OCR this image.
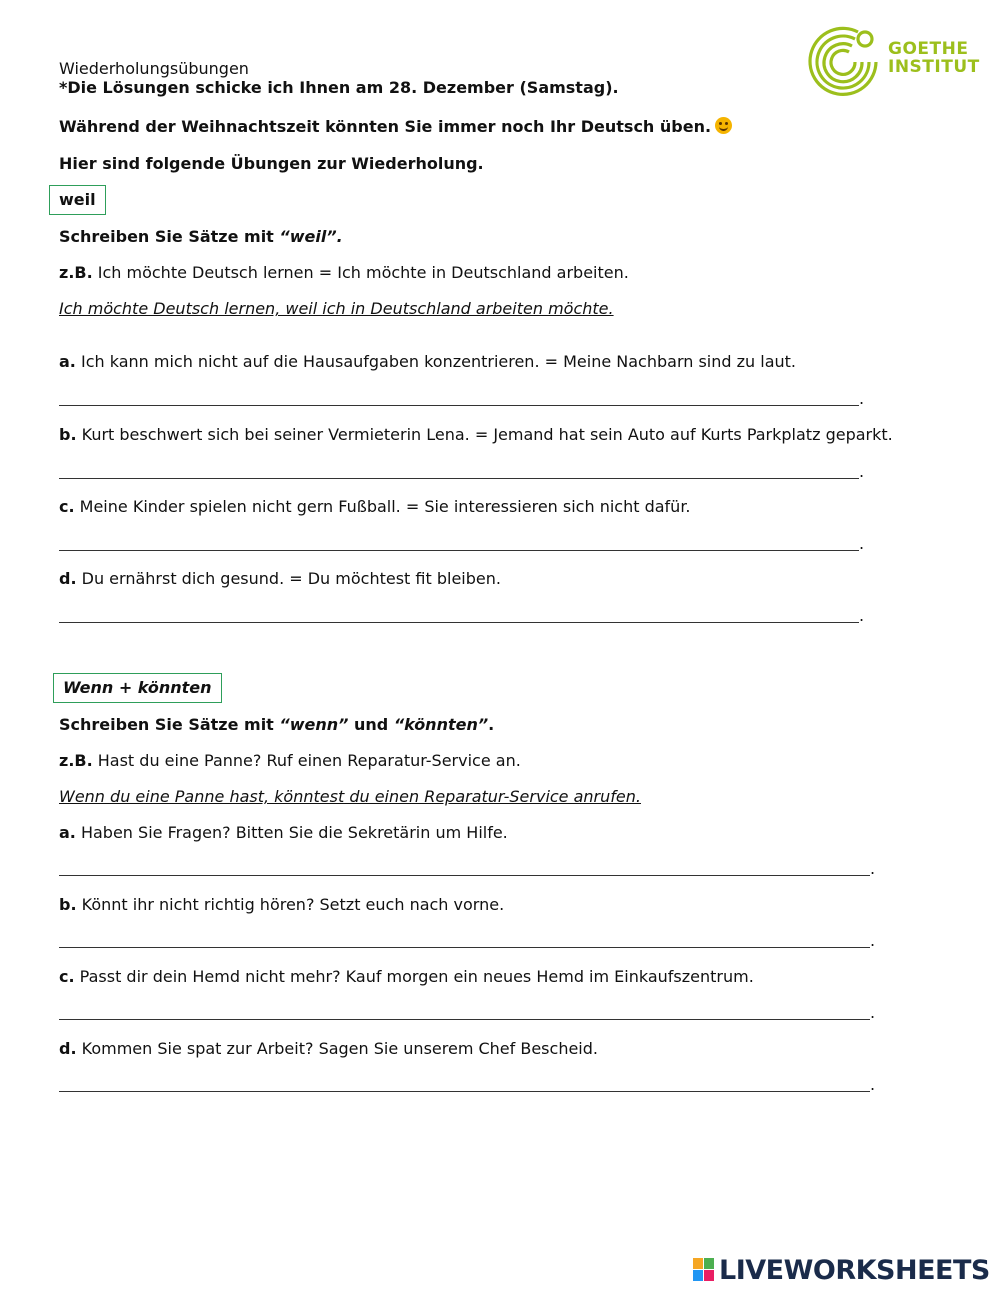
GOETHE
INSTITUT
Wiederholungsübungen
*Die Lösungen schicke ich Ihnen am 28. Dezember (Samstag).
Während der Weihnachtszeit könnten Sie immer noch Ihr Deutsch üben.
Hier sind folgende Übungen zur Wiederholung.
weil
Schreiben Sie Sätze mit “weil”.
z.B. Ich möchte Deutsch lernen = Ich möchte in Deutschland arbeiten.
Ich möchte Deutsch lernen, weil ich in Deutschland arbeiten möchte.
a. Ich kann mich nicht auf die Hausaufgaben konzentrieren. = Meine Nachbarn sind zu laut.
.
b. Kurt beschwert sich bei seiner Vermieterin Lena. = Jemand hat sein Auto auf Kurts Parkplatz geparkt.
.
c. Meine Kinder spielen nicht gern Fußball. = Sie interessieren sich nicht dafür.
.
d. Du ernährst dich gesund. = Du möchtest fit bleiben.
.
Wenn + könnten
Schreiben Sie Sätze mit “wenn” und “könnten”.
z.B. Hast du eine Panne? Ruf einen Reparatur-Service an.
Wenn du eine Panne hast, könntest du einen Reparatur-Service anrufen.
a. Haben Sie Fragen? Bitten Sie die Sekretärin um Hilfe.
.
b. Könnt ihr nicht richtig hören? Setzt euch nach vorne.
.
c. Passt dir dein Hemd nicht mehr? Kauf morgen ein neues Hemd im Einkaufszentrum.
.
d. Kommen Sie spat zur Arbeit? Sagen Sie unserem Chef Bescheid.
.
LIVEWORKSHEETS
